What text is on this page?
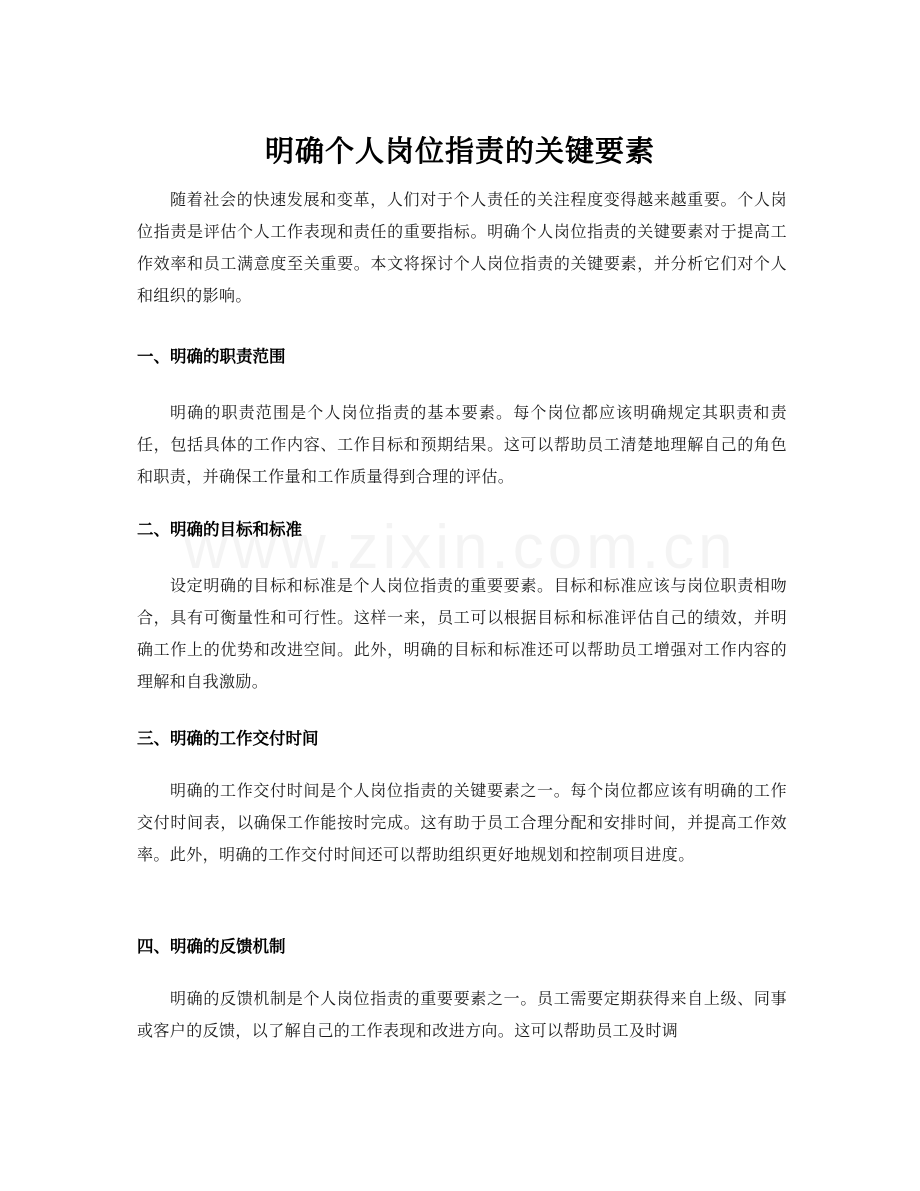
明确个人岗位指责的关键要素

随着社会的快速发展和变革，人们对于个人责任的关注程度变得越来越重要。个人岗位指责是评估个人工作表现和责任的重要指标。明确个人岗位指责的关键要素对于提高工作效率和员工满意度至关重要。本文将探讨个人岗位指责的关键要素，并分析它们对个人和组织的影响。

一、明确的职责范围

明确的职责范围是个人岗位指责的基本要素。每个岗位都应该明确规定其职责和责任，包括具体的工作内容、工作目标和预期结果。这可以帮助员工清楚地理解自己的角色和职责，并确保工作量和工作质量得到合理的评估。

二、明确的目标和标准

设定明确的目标和标准是个人岗位指责的重要要素。目标和标准应该与岗位职责相吻合，具有可衡量性和可行性。这样一来，员工可以根据目标和标准评估自己的绩效，并明确工作上的优势和改进空间。此外，明确的目标和标准还可以帮助员工增强对工作内容的理解和自我激励。

三、明确的工作交付时间

明确的工作交付时间是个人岗位指责的关键要素之一。每个岗位都应该有明确的工作交付时间表，以确保工作能按时完成。这有助于员工合理分配和安排时间，并提高工作效率。此外，明确的工作交付时间还可以帮助组织更好地规划和控制项目进度。

四、明确的反馈机制

明确的反馈机制是个人岗位指责的重要要素之一。员工需要定期获得来自上级、同事或客户的反馈，以了解自己的工作表现和改进方向。这可以帮助员工及时调
